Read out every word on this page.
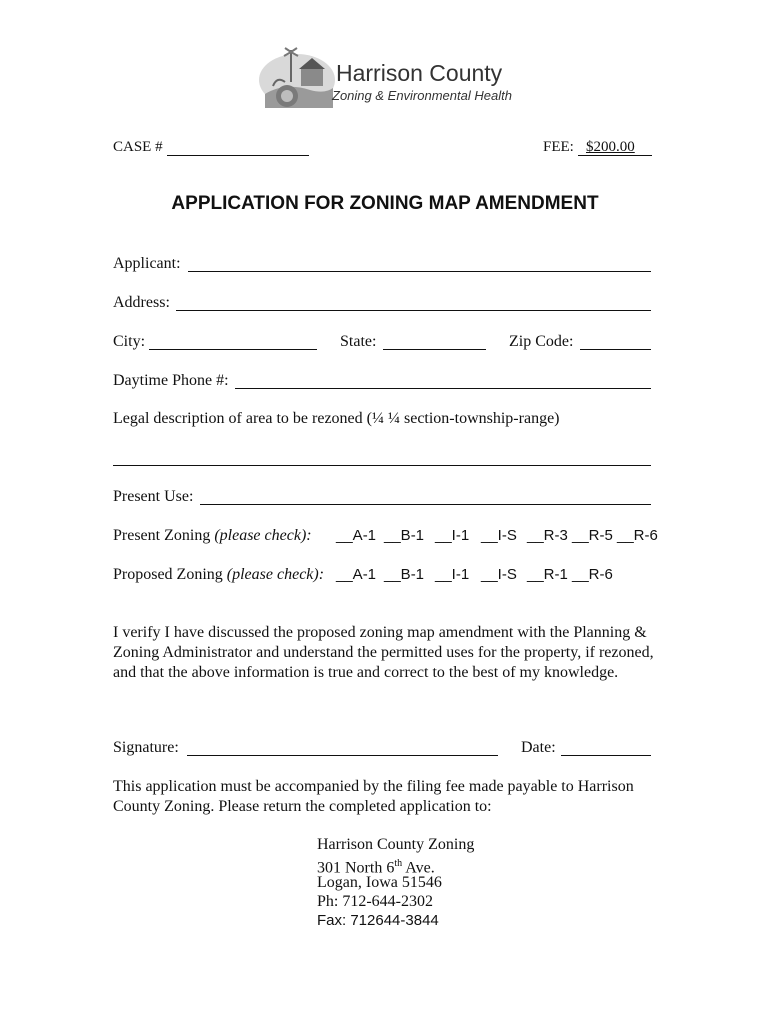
Harrison County
Zoning & Environmental Health
CASE #	FEE: $200.00
APPLICATION FOR ZONING MAP AMENDMENT
Applicant:
Address:
City:	State:	Zip Code:
Daytime Phone #:
Legal description of area to be rezoned (¼ ¼ section-township-range)
Present Use:
Present Zoning (please check): __A-1 __B-1 __I-1 __I-S __R-3 __R-5 __R-6
Proposed Zoning (please check): __A-1 __B-1 __I-1 __I-S __R-1 __R-6
I verify I have discussed the proposed zoning map amendment with the Planning & Zoning Administrator and understand the permitted uses for the property, if rezoned, and that the above information is true and correct to the best of my knowledge.
Signature:	Date:
This application must be accompanied by the filing fee made payable to Harrison County Zoning. Please return the completed application to:
Harrison County Zoning
301 North 6th Ave.
Logan, Iowa 51546
Ph: 712-644-2302
Fax: 712644-3844
